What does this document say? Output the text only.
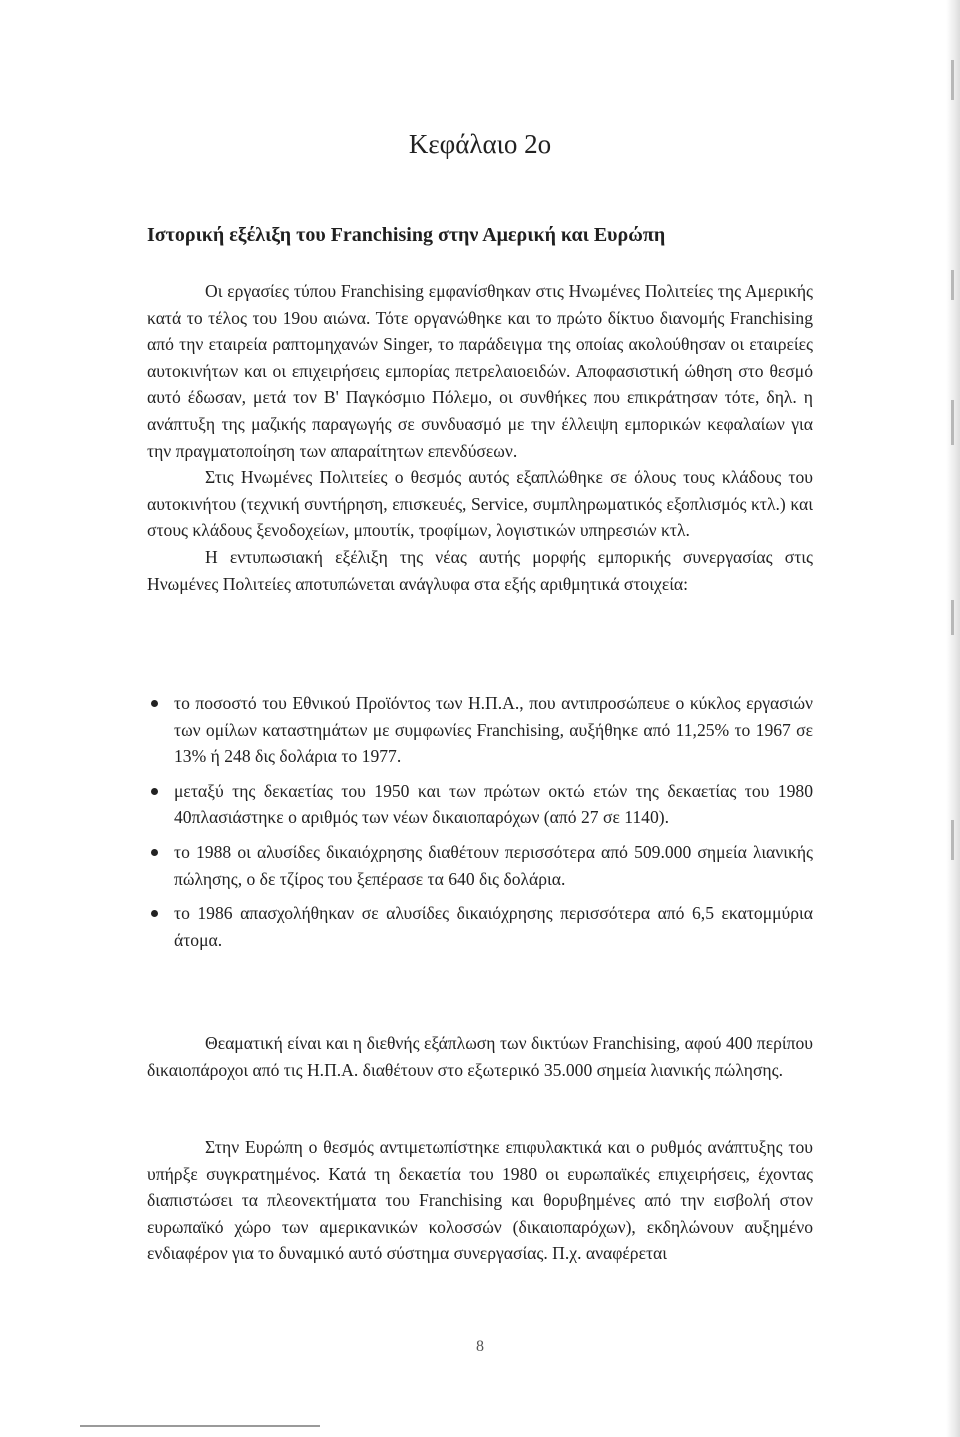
Κεφάλαιο 2ο
Ιστορική εξέλιξη του Franchising στην Αμερική και Ευρώπη

Οι εργασίες τύπου Franchising εμφανίσθηκαν στις Ηνωμένες Πολιτείες της Αμερικής κατά το τέλος του 19ου αιώνα. Τότε οργανώθηκε και το πρώτο δίκτυο διανομής Franchising από την εταιρεία ραπτομηχανών Singer, το παράδειγμα της οποίας ακολούθησαν οι εταιρείες αυτοκινήτων και οι επιχειρήσεις εμπορίας πετρελαιοειδών. Αποφασιστική ώθηση στο θεσμό αυτό έδωσαν, μετά τον Β' Παγκόσμιο Πόλεμο, οι συνθήκες που επικράτησαν τότε, δηλ. η ανάπτυξη της μαζικής παραγωγής σε συνδυασμό με την έλλειψη εμπορικών κεφαλαίων για την πραγματοποίηση των απαραίτητων επενδύσεων.

Στις Ηνωμένες Πολιτείες ο θεσμός αυτός εξαπλώθηκε σε όλους τους κλάδους του αυτοκινήτου (τεχνική συντήρηση, επισκευές, Service, συμπληρωματικός εξοπλισμός κτλ.) και στους κλάδους ξενοδοχείων, μπουτίκ, τροφίμων, λογιστικών υπηρεσιών κτλ.

Η εντυπωσιακή εξέλιξη της νέας αυτής μορφής εμπορικής συνεργασίας στις Ηνωμένες Πολιτείες αποτυπώνεται ανάγλυφα στα εξής αριθμητικά στοιχεία:

το ποσοστό του Εθνικού Προϊόντος των Η.Π.Α., που αντιπροσώπευε ο κύκλος εργασιών των ομίλων καταστημάτων με συμφωνίες Franchising, αυξήθηκε από 11,25% το 1967 σε 13% ή 248 δις δολάρια το 1977.
μεταξύ της δεκαετίας του 1950 και των πρώτων οκτώ ετών της δεκαετίας του 1980 40πλασιάστηκε ο αριθμός των νέων δικαιοπαρόχων (από 27 σε 1140).
το 1988 οι αλυσίδες δικαιόχρησης διαθέτουν περισσότερα από 509.000 σημεία λιανικής πώλησης, ο δε τζίρος του ξεπέρασε τα 640 δις δολάρια.
το 1986 απασχολήθηκαν σε αλυσίδες δικαιόχρησης περισσότερα από 6,5 εκατομμύρια άτομα.

Θεαματική είναι και η διεθνής εξάπλωση των δικτύων Franchising, αφού 400 περίπου δικαιοπάροχοι από τις Η.Π.Α. διαθέτουν στο εξωτερικό 35.000 σημεία λιανικής πώλησης.

Στην Ευρώπη ο θεσμός αντιμετωπίστηκε επιφυλακτικά και ο ρυθμός ανάπτυξης του υπήρξε συγκρατημένος. Κατά τη δεκαετία του 1980 οι ευρωπαϊκές επιχειρήσεις, έχοντας διαπιστώσει τα πλεονεκτήματα του Franchising και θορυβημένες από την εισβολή στον ευρωπαϊκό χώρο των αμερικανικών κολοσσών (δικαιοπαρόχων), εκδηλώνουν αυξημένο ενδιαφέρον για το δυναμικό αυτό σύστημα συνεργασίας. Π.χ. αναφέρεται

8
